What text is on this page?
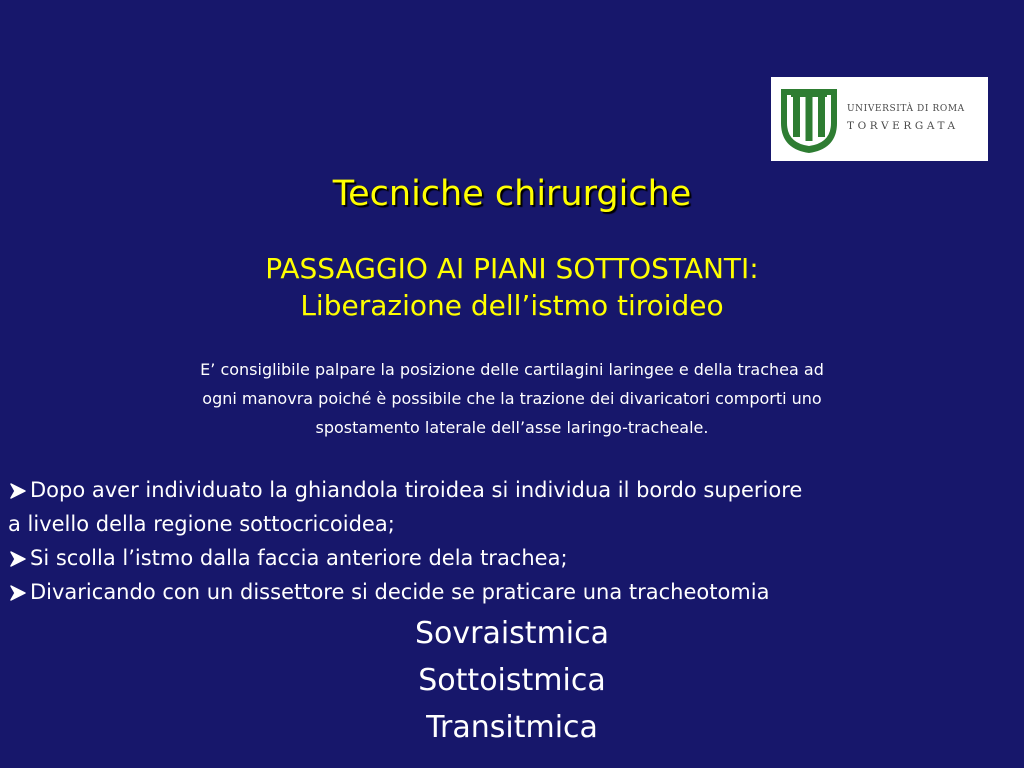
UNIVERSITÀ DI ROMA
TORVERGATA
Tecniche chirurgiche
PASSAGGIO AI PIANI SOTTOSTANTI:
Liberazione dell’istmo tiroideo
E’ consiglibile palpare la posizione delle cartilagini laringee e della trachea ad
ogni manovra poiché è possibile che la trazione dei divaricatori comporti uno
spostamento laterale dell’asse laringo-tracheale.
Dopo aver individuato la ghiandola tiroidea si individua il bordo superiore
a livello della regione sottocricoidea;
Si scolla l’istmo dalla faccia anteriore dela trachea;
Divaricando con un dissettore si decide se praticare una tracheotomia
Sovraistmica
Sottoistmica
Transitmica
